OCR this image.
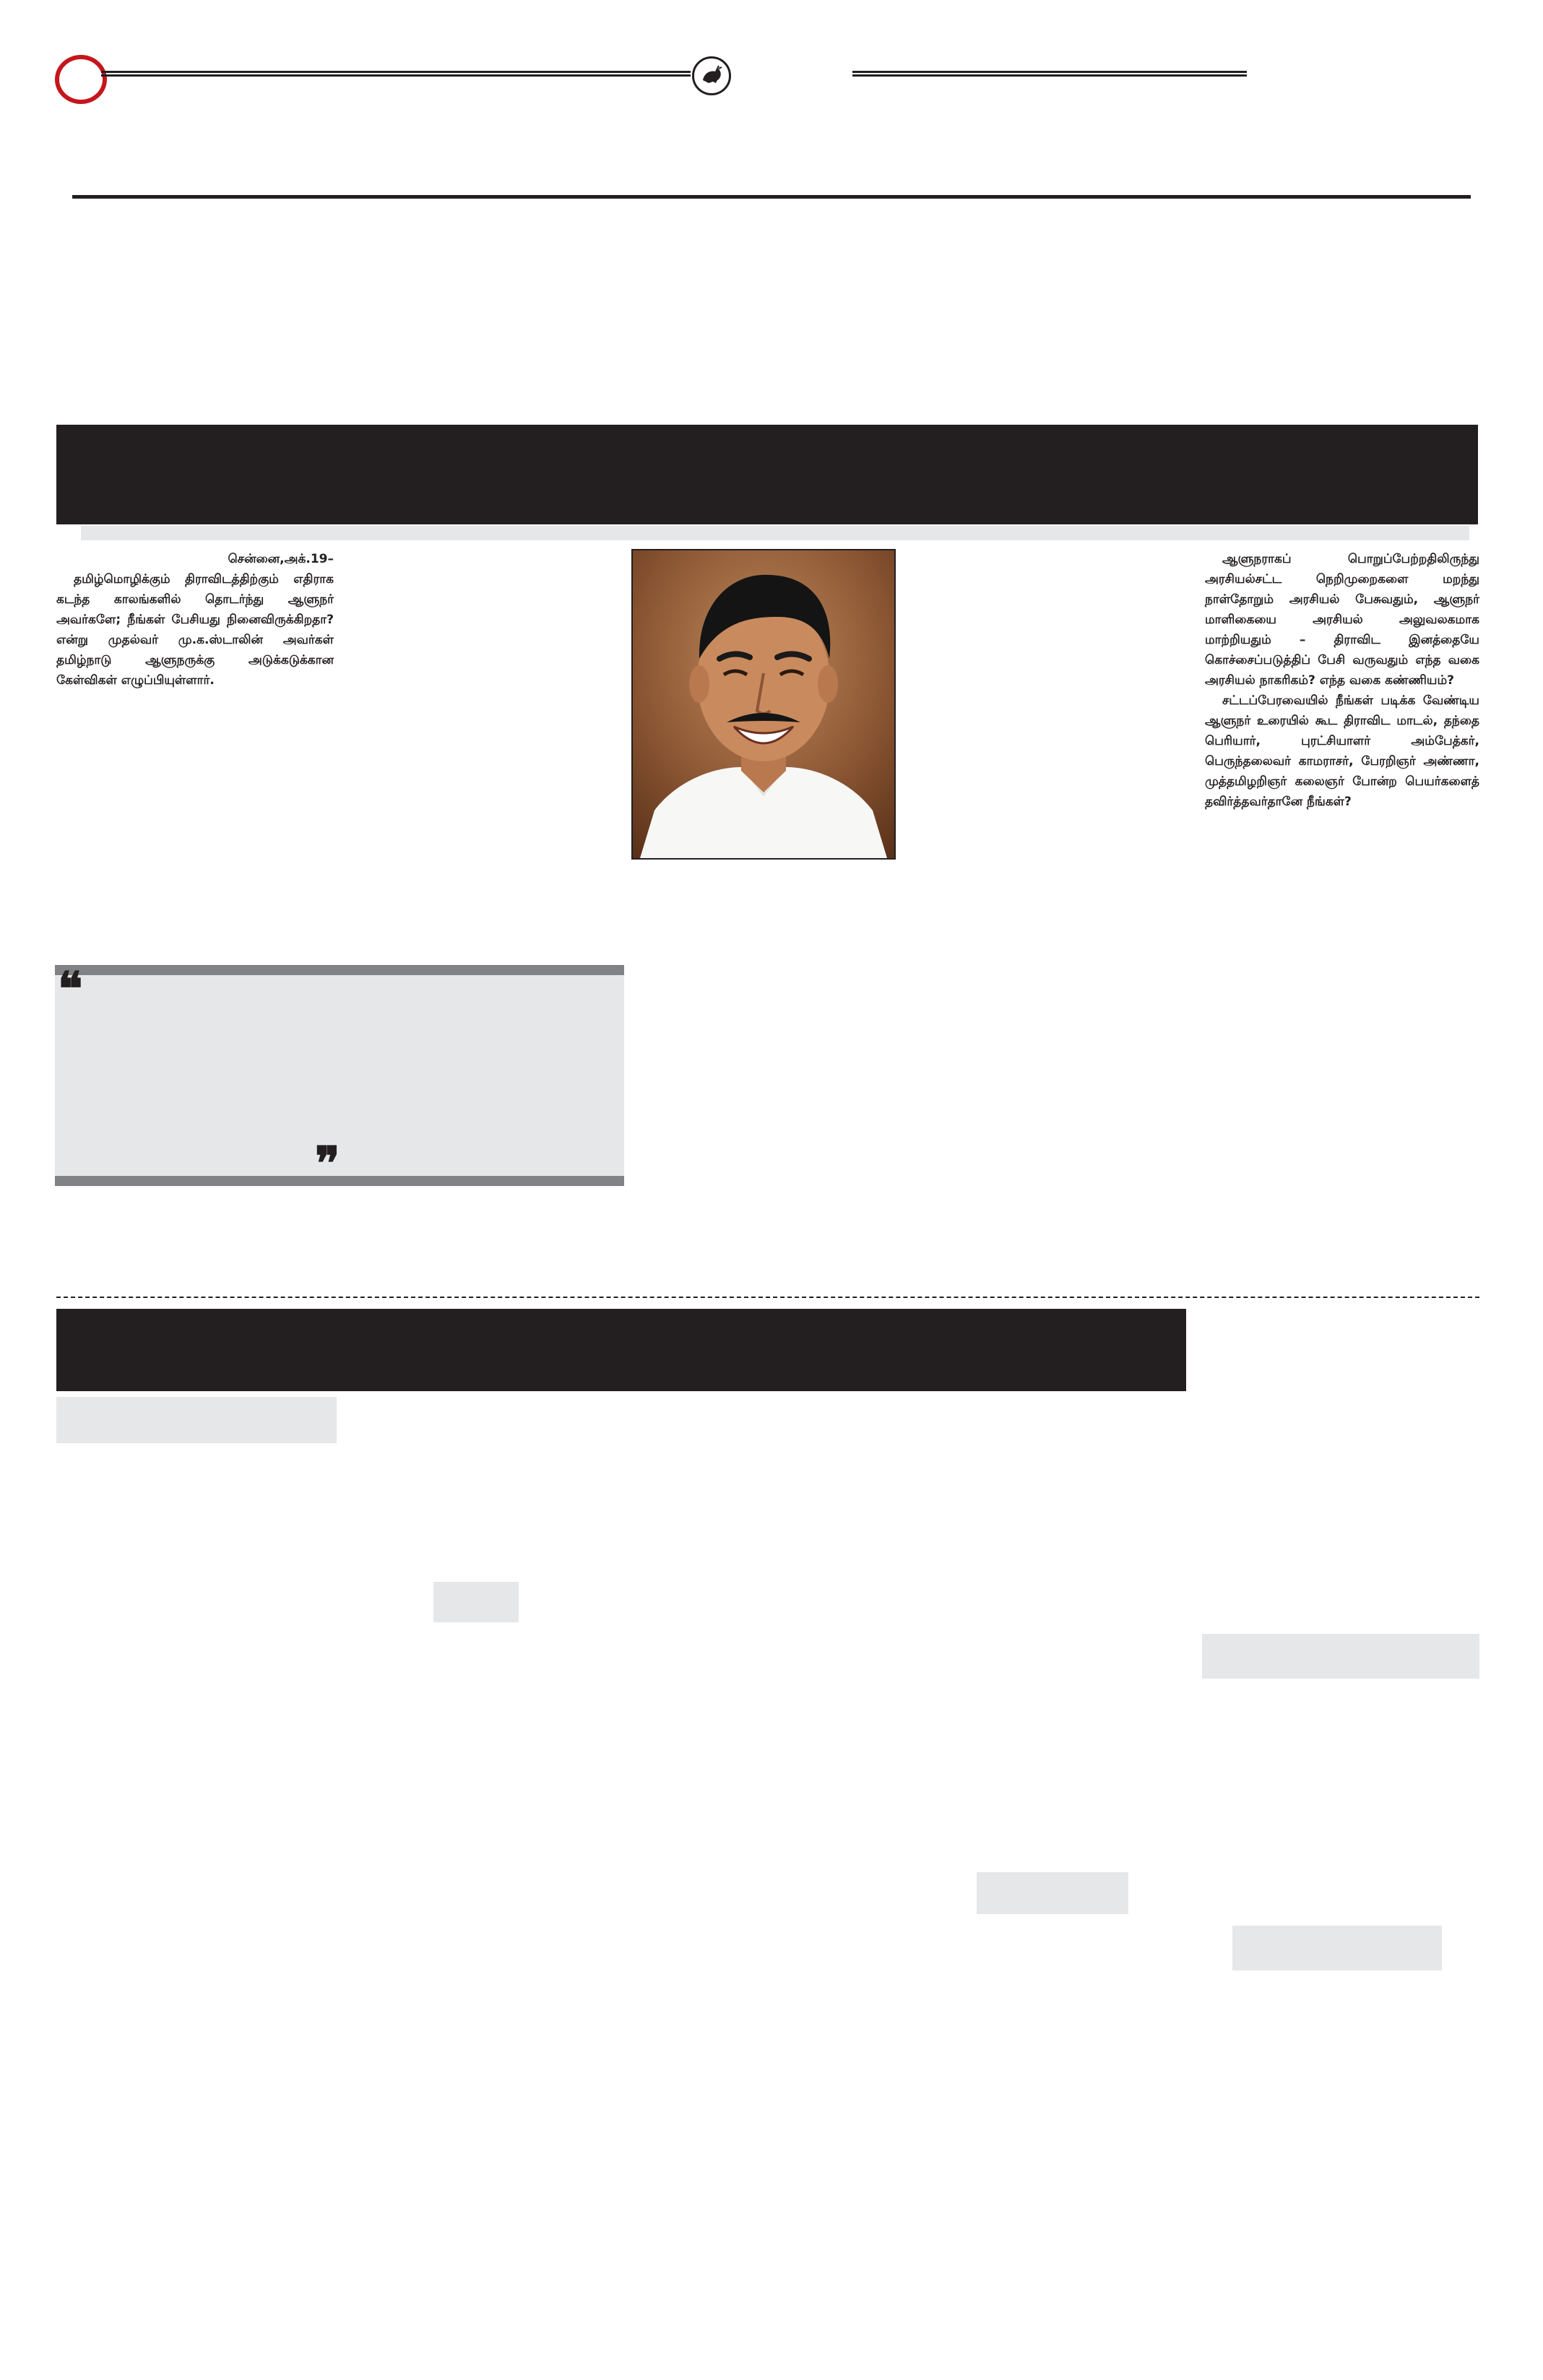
சென்னை,அக்.19–
தமிழ்மொழிக்கும் திராவிடத்திற்கும் எதிராக கடந்த காலங்களில் தொடர்ந்து ஆளுநர் அவர்களே; நீங்கள் பேசியது நினைவிருக்கிறதா? என்று முதல்வர் மு.க.ஸ்டாலின் அவர்கள் தமிழ்நாடு ஆளுநருக்கு அடுக்கடுக்கான கேள்விகள் எழுப்பியுள்ளார்.

ஆளுநராகப் பொறுப்பேற்றதிலிருந்து அரசியல்சட்ட நெறிமுறைகளை மறந்து நாள்தோறும் அரசியல் பேசுவதும், ஆளுநர் மாளிகையை அரசியல் அலுவலகமாக மாற்றியதும் – திராவிட இனத்தையே கொச்சைப்படுத்திப் பேசி வருவதும் எந்த வகை அரசியல் நாகரிகம்? எந்த வகை கண்ணியம்?

சட்டப்பேரவையில் நீங்கள் படிக்க வேண்டிய ஆளுநர் உரையில் கூட திராவிட மாடல், தந்தை பெரியார், புரட்சியாளர் அம்பேத்கர், பெருந்தலைவர் காமராசர், பேரறிஞர் அண்ணா, முத்தமிழறிஞர் கலைஞர் போன்ற பெயர்களைத் தவிர்த்தவர்தானே நீங்கள்?

❝
❞
